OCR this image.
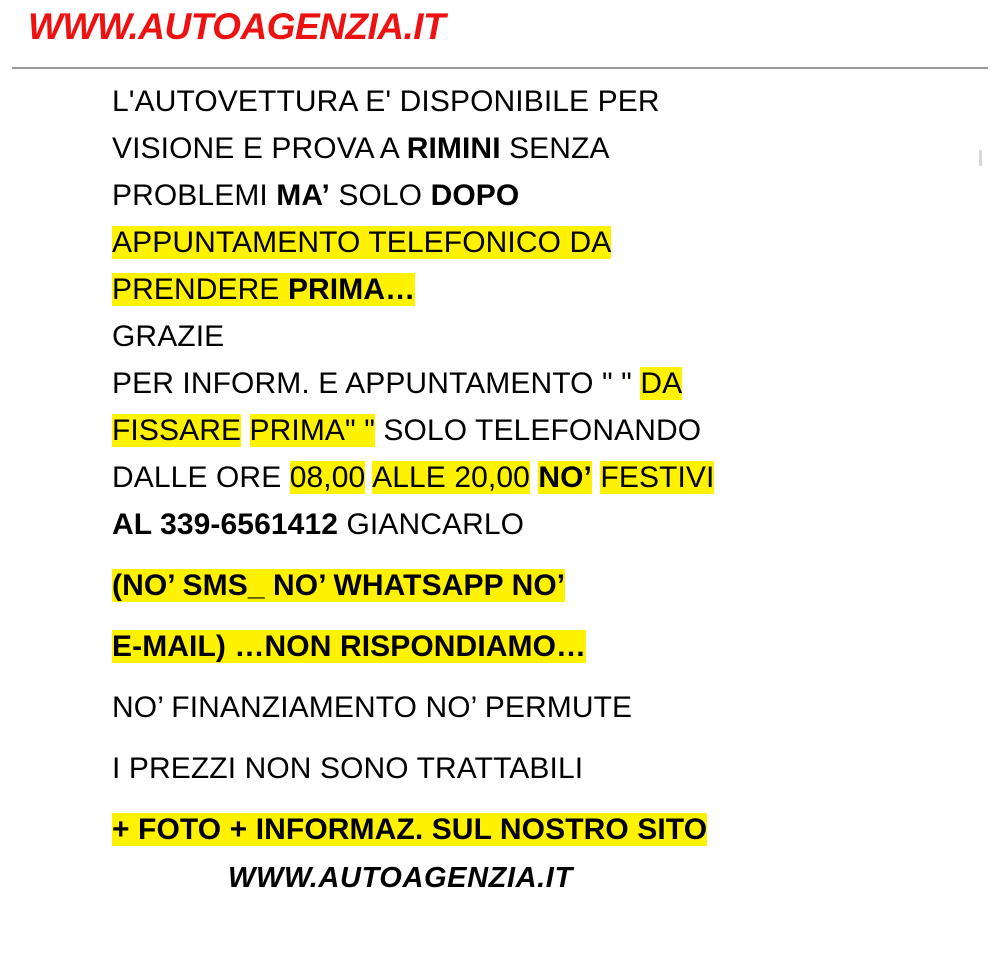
WWW.AUTOAGENZIA.IT
L'AUTOVETTURA E' DISPONIBILE PER
VISIONE E PROVA A RIMINI SENZA
PROBLEMI MA’ SOLO DOPO
APPUNTAMENTO TELEFONICO DA
PRENDERE PRIMA…
GRAZIE
PER INFORM. E APPUNTAMENTO " " DA
FISSARE PRIMA" " SOLO TELEFONANDO
DALLE ORE 08,00 ALLE 20,00 NO’ FESTIVI
AL 339-6561412 GIANCARLO
(NO’ SMS_ NO’ WHATSAPP NO’
E-MAIL) …NON RISPONDIAMO…
NO’ FINANZIAMENTO NO’ PERMUTE
I PREZZI NON SONO TRATTABILI
+ FOTO + INFORMAZ. SUL NOSTRO SITO
WWW.AUTOAGENZIA.IT
